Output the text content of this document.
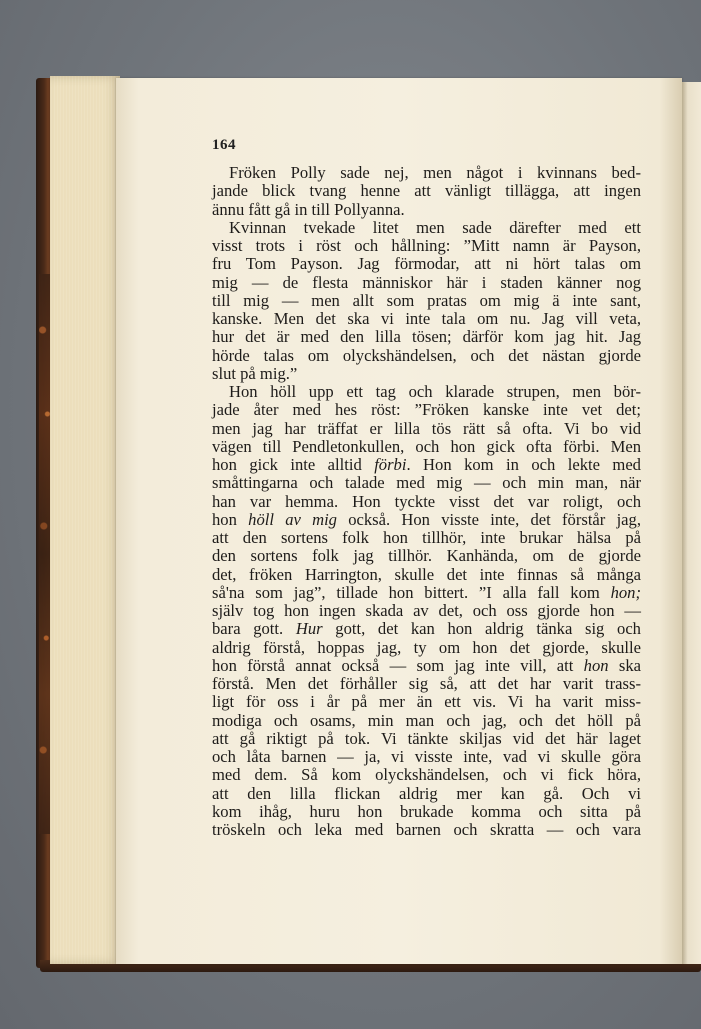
164
Fröken Polly sade nej, men något i kvinnans bed-
jande blick tvang henne att vänligt tillägga, att ingen
ännu fått gå in till Pollyanna.
Kvinnan tvekade litet men sade därefter med ett
visst trots i röst och hållning: ”Mitt namn är Payson,
fru Tom Payson. Jag förmodar, att ni hört talas om
mig — de flesta människor här i staden känner nog
till mig — men allt som pratas om mig ä inte sant,
kanske. Men det ska vi inte tala om nu. Jag vill veta,
hur det är med den lilla tösen; därför kom jag hit. Jag
hörde talas om olyckshändelsen, och det nästan gjorde
slut på mig.”
Hon höll upp ett tag och klarade strupen, men bör-
jade åter med hes röst: ”Fröken kanske inte vet det;
men jag har träffat er lilla tös rätt så ofta. Vi bo vid
vägen till Pendletonkullen, och hon gick ofta förbi. Men
hon gick inte alltid förbi. Hon kom in och lekte med
småttingarna och talade med mig — och min man, när
han var hemma. Hon tyckte visst det var roligt, och
hon höll av mig också. Hon visste inte, det förstår jag,
att den sortens folk hon tillhör, inte brukar hälsa på
den sortens folk jag tillhör. Kanhända, om de gjorde
det, fröken Harrington, skulle det inte finnas så många
så'na som jag”, tillade hon bittert. ”I alla fall kom hon;
själv tog hon ingen skada av det, och oss gjorde hon —
bara gott. Hur gott, det kan hon aldrig tänka sig och
aldrig förstå, hoppas jag, ty om hon det gjorde, skulle
hon förstå annat också — som jag inte vill, att hon ska
förstå. Men det förhåller sig så, att det har varit trass-
ligt för oss i år på mer än ett vis. Vi ha varit miss-
modiga och osams, min man och jag, och det höll på
att gå riktigt på tok. Vi tänkte skiljas vid det här laget
och låta barnen — ja, vi visste inte, vad vi skulle göra
med dem. Så kom olyckshändelsen, och vi fick höra,
att den lilla flickan aldrig mer kan gå. Och vi
kom ihåg, huru hon brukade komma och sitta på
tröskeln och leka med barnen och skratta — och vara
